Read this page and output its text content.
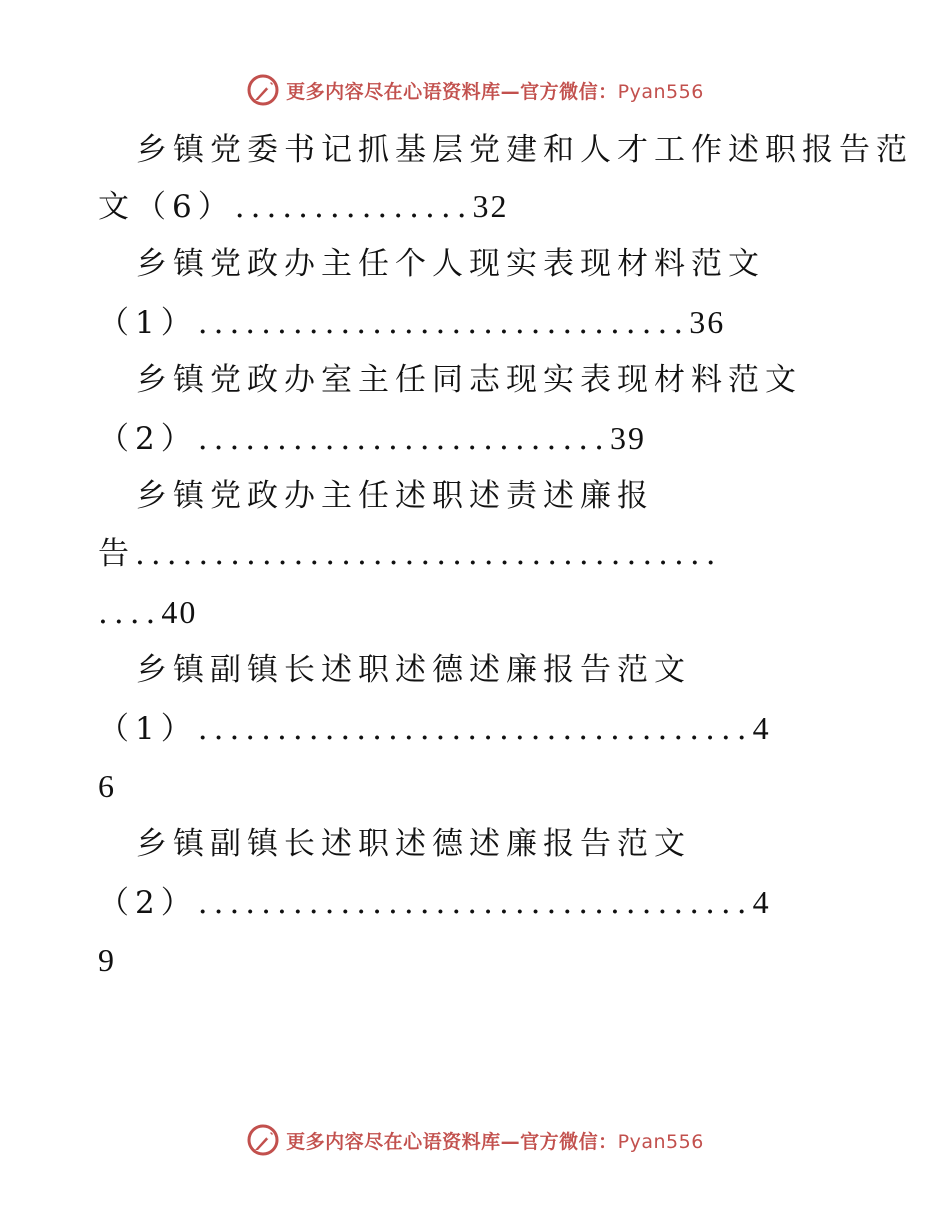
更多内容尽在心语资料库—官方微信：Pyan556
乡镇党委书记抓基层党建和人才工作述职报告范
文（6）...............32
乡镇党政办主任个人现实表现材料范文
（1）...............................36
乡镇党政办室主任同志现实表现材料范文
（2）..........................39
乡镇党政办主任述职述责述廉报
告.....................................
....40
乡镇副镇长述职述德述廉报告范文
（1）...................................4
6
乡镇副镇长述职述德述廉报告范文
（2）...................................4
9
更多内容尽在心语资料库—官方微信：Pyan556
